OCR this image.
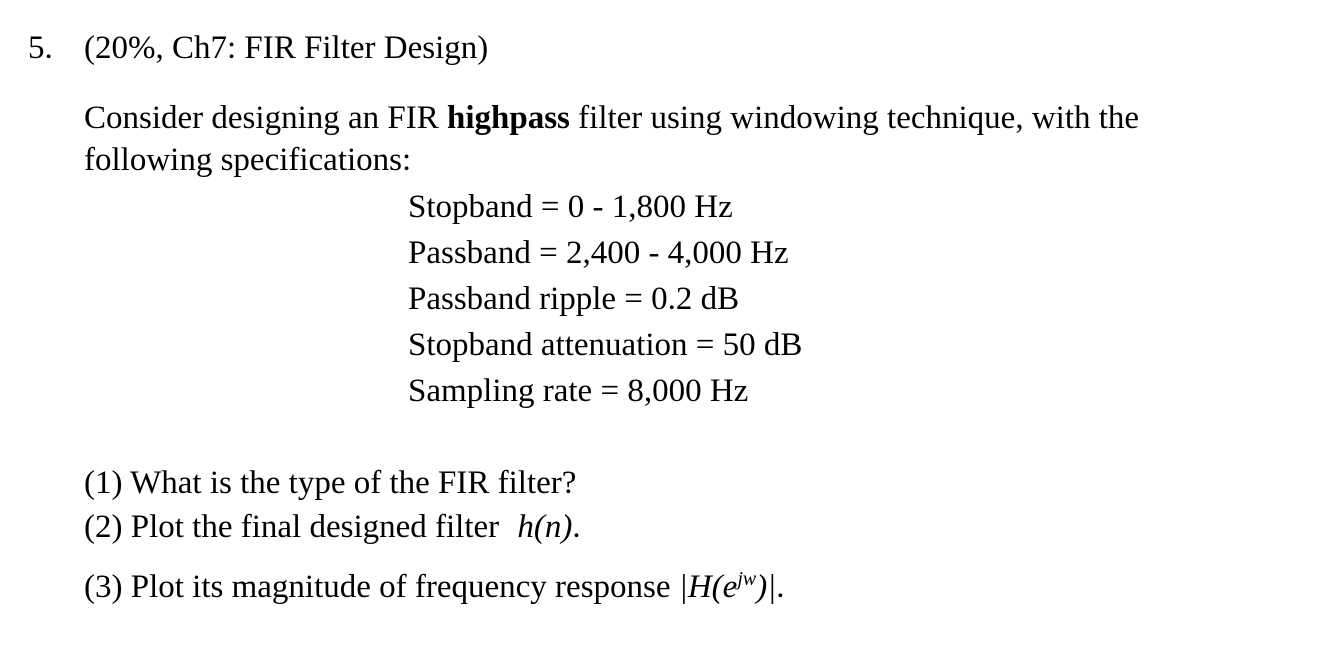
5. (20%, Ch7: FIR Filter Design)
Consider designing an FIR highpass filter using windowing technique, with the
following specifications:
Stopband = 0 - 1,800 Hz
Passband = 2,400 - 4,000 Hz
Passband ripple = 0.2 dB
Stopband attenuation = 50 dB
Sampling rate = 8,000 Hz
(1) What is the type of the FIR filter?
(2) Plot the final designed filter h(n).
(3) Plot its magnitude of frequency response $|H(e^{jw})|$.
